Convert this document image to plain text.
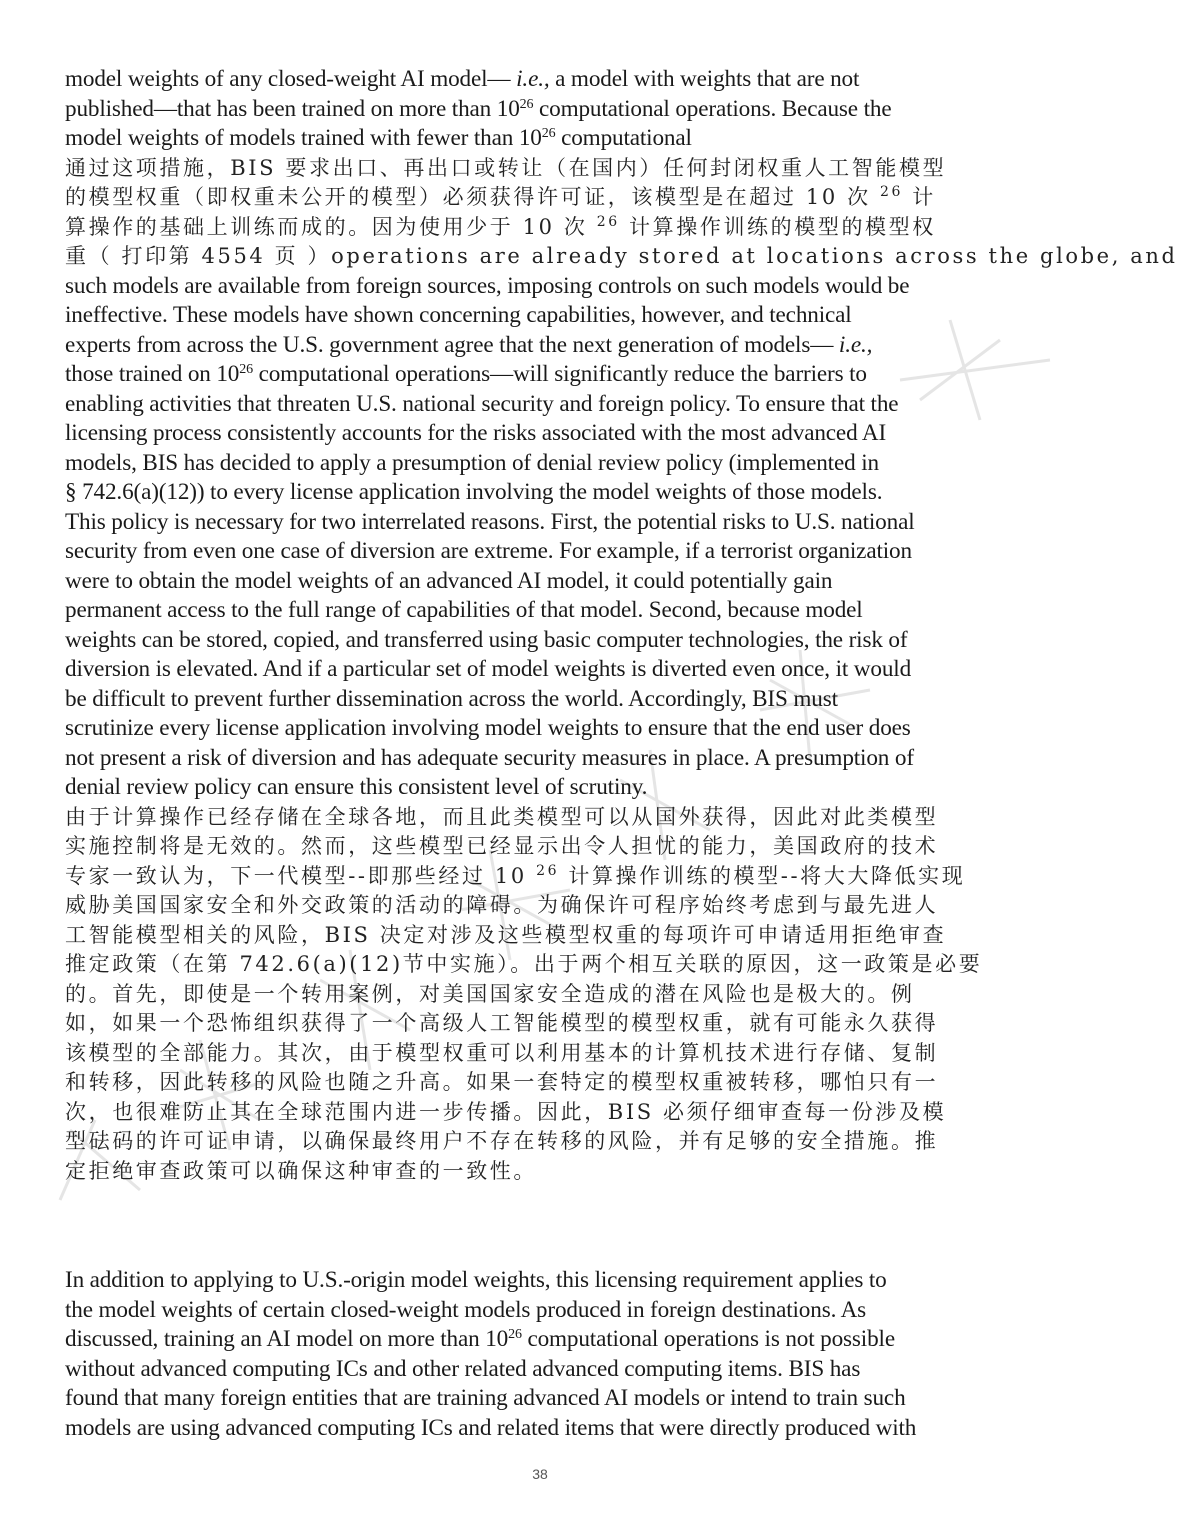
model weights of any closed-weight AI model— i.e., a model with weights that are not
published—that has been trained on more than $10^{26}$ computational operations. Because the
model weights of models trained with fewer than $10^{26}$ computational
通过这项措施，BIS 要求出口、再出口或转让（在国内）任何封闭权重人工智能模型
的模型权重（即权重未公开的模型）必须获得许可证，该模型是在超过 10 次 $^{26}$ 计
算操作的基础上训练而成的。因为使用少于 10 次 $^{26}$ 计算操作训练的模型的模型权
重（ 打印第 4554 页 ）operations are already stored at locations across the globe, and
such models are available from foreign sources, imposing controls on such models would be
ineffective. These models have shown concerning capabilities, however, and technical
experts from across the U.S. government agree that the next generation of models— i.e.,
those trained on $10^{26}$ computational operations—will significantly reduce the barriers to
enabling activities that threaten U.S. national security and foreign policy. To ensure that the
licensing process consistently accounts for the risks associated with the most advanced AI
models, BIS has decided to apply a presumption of denial review policy (implemented in
§ 742.6(a)(12)) to every license application involving the model weights of those models.
This policy is necessary for two interrelated reasons. First, the potential risks to U.S. national
security from even one case of diversion are extreme. For example, if a terrorist organization
were to obtain the model weights of an advanced AI model, it could potentially gain
permanent access to the full range of capabilities of that model. Second, because model
weights can be stored, copied, and transferred using basic computer technologies, the risk of
diversion is elevated. And if a particular set of model weights is diverted even once, it would
be difficult to prevent further dissemination across the world. Accordingly, BIS must
scrutinize every license application involving model weights to ensure that the end user does
not present a risk of diversion and has adequate security measures in place. A presumption of
denial review policy can ensure this consistent level of scrutiny.
由于计算操作已经存储在全球各地，而且此类模型可以从国外获得，因此对此类模型
实施控制将是无效的。然而，这些模型已经显示出令人担忧的能力，美国政府的技术
专家一致认为，下一代模型--即那些经过 10 $^{26}$ 计算操作训练的模型--将大大降低实现
威胁美国国家安全和外交政策的活动的障碍。为确保许可程序始终考虑到与最先进人
工智能模型相关的风险，BIS 决定对涉及这些模型权重的每项许可申请适用拒绝审查
推定政策（在第 742.6(a)(12)节中实施）。出于两个相互关联的原因，这一政策是必要
的。首先，即使是一个转用案例，对美国国家安全造成的潜在风险也是极大的。例
如，如果一个恐怖组织获得了一个高级人工智能模型的模型权重，就有可能永久获得
该模型的全部能力。其次，由于模型权重可以利用基本的计算机技术进行存储、复制
和转移，因此转移的风险也随之升高。如果一套特定的模型权重被转移，哪怕只有一
次，也很难防止其在全球范围内进一步传播。因此，BIS 必须仔细审查每一份涉及模
型砝码的许可证申请，以确保最终用户不存在转移的风险，并有足够的安全措施。推
定拒绝审查政策可以确保这种审查的一致性。
In addition to applying to U.S.-origin model weights, this licensing requirement applies to
the model weights of certain closed-weight models produced in foreign destinations. As
discussed, training an AI model on more than $10^{26}$ computational operations is not possible
without advanced computing ICs and other related advanced computing items. BIS has
found that many foreign entities that are training advanced AI models or intend to train such
models are using advanced computing ICs and related items that were directly produced with
38
